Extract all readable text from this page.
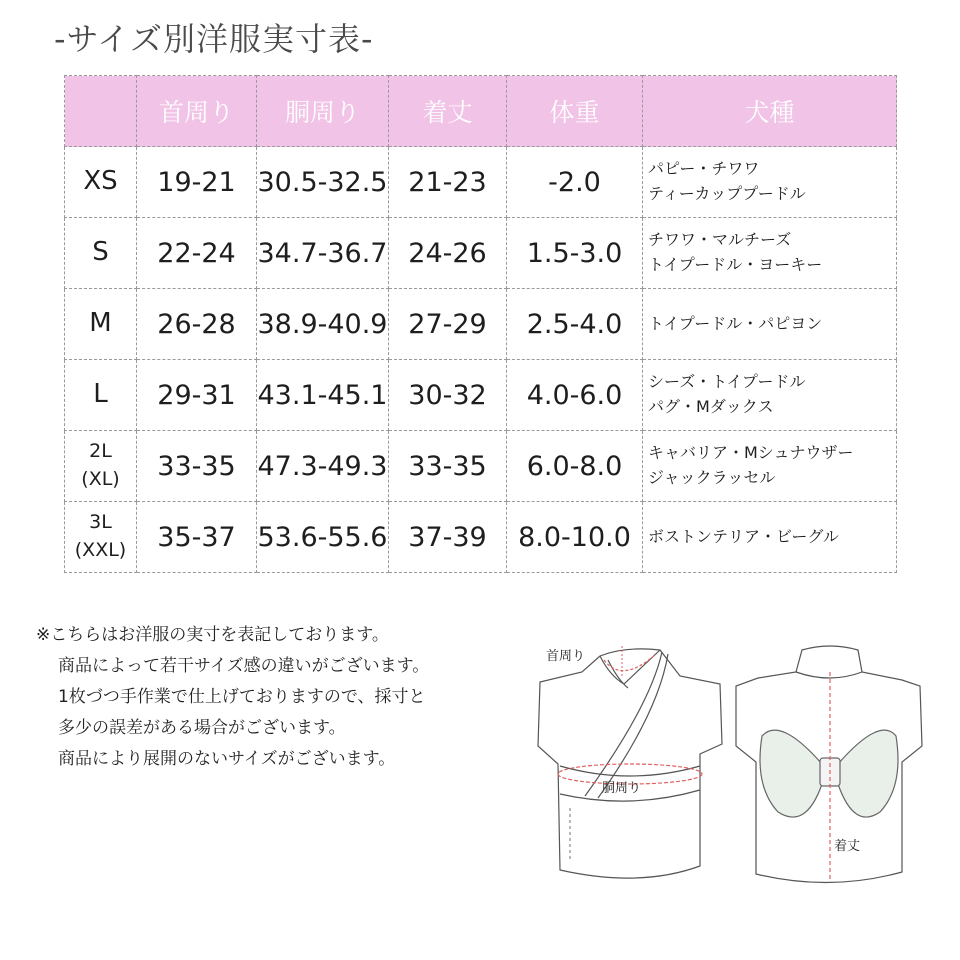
-サイズ別洋服実寸表-
	首周り	胴周り	着丈	体重	犬種
XS	19-21	30.5-32.5	21-23	-2.0	パピー・チワワ
ティーカッププードル

S	22-24	34.7-36.7	24-26	1.5-3.0	チワワ・マルチーズ
トイプードル・ヨーキー

M	26-28	38.9-40.9	27-29	2.5-4.0	トイプードル・パピヨン

L	29-31	43.1-45.1	30-32	4.0-6.0	シーズ・トイプードル
パグ・Mダックス

2L
(XL)	33-35	47.3-49.3	33-35	6.0-8.0	キャバリア・Mシュナウザー
ジャックラッセル

3L
(XXL)	35-37	53.6-55.6	37-39	8.0-10.0	ボストンテリア・ビーグル
※こちらはお洋服の実寸を表記しております。
商品によって若干サイズ感の違いがございます。
1枚づつ手作業で仕上げておりますので、採寸と
多少の誤差がある場合がございます。
商品により展開のないサイズがございます。
首周り
胴周り
着丈
